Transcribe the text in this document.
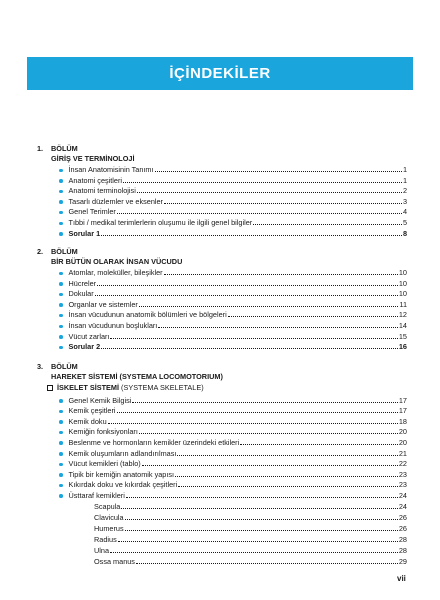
İÇİNDEKİLER
1. BÖLÜM
GİRİŞ VE TERMİNOLOJİ
İnsan Anatomisinin Tanımı	1
Anatomi çeşitleri	1
Anatomi terminolojisi	2
Tasarlı düzlemler ve eksenler	3
Genel Terimler	4
Tıbbi / medikal terimlerlerin oluşumu ile ilgili genel bilgiler	5
Sorular 1	8
2. BÖLÜM
BİR BÜTÜN OLARAK İNSAN VÜCUDU
Atomlar, moleküller, bileşikler	10
Hücreler	10
Dokular	10
Organlar ve sistemler	11
İnsan vücudunun anatomik bölümleri ve bölgeleri	12
İnsan vücudunun boşlukları	14
Vücut zarları	15
Sorular 2	16
3. BÖLÜM
HAREKET SİSTEMİ (SYSTEMA LOCOMOTORIUM)
İSKELET SİSTEMİ (SYSTEMA SKELETALE)
Genel Kemik Bilgisi	17
Kemik çeşitleri	17
Kemik doku	18
Kemiğin fonksiyonları	20
Beslenme ve hormonların kemikler üzerindeki etkileri	20
Kemik oluşumların adlandırılması	21
Vücut kemikleri (tablo)	22
Tipik bir kemiğin anatomik yapısı	23
Kıkırdak doku ve kıkırdak çeşitleri	23
Üsttaraf kemikleri	24
Scapula	24
Clavicula	26
Humerus	26
Radius	28
Ulna	28
Ossa manus	29
vii
